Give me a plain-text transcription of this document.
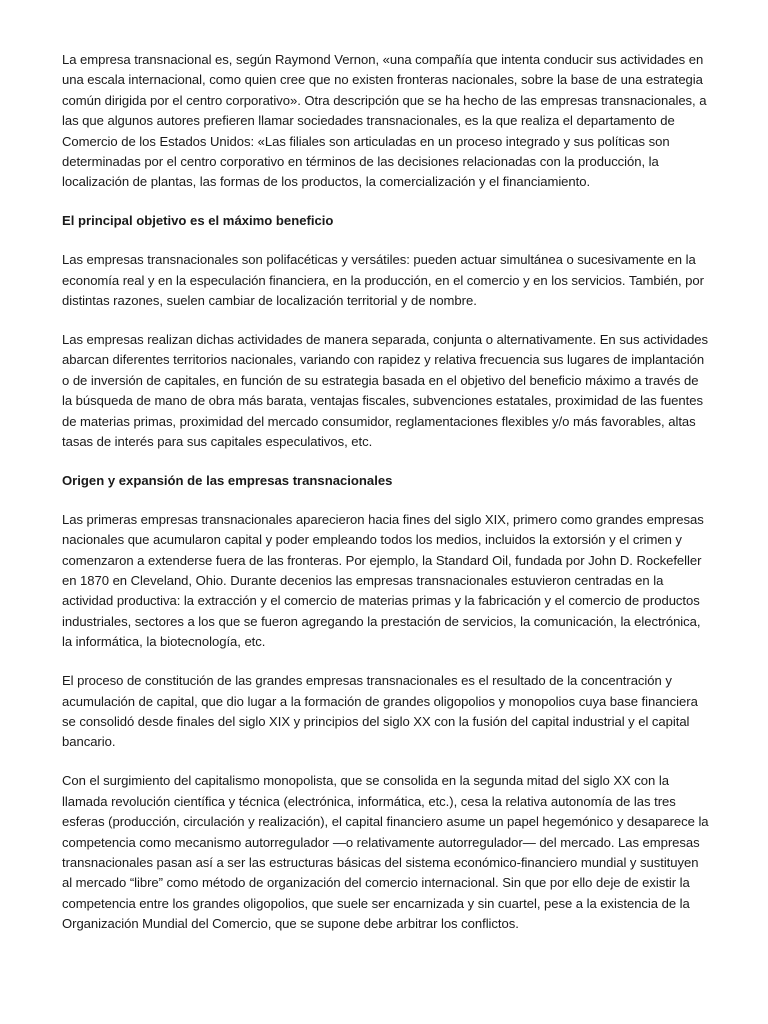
La empresa transnacional es, según Raymond Vernon, «una compañía que intenta conducir sus actividades en una escala internacional, como quien cree que no existen fronteras nacionales, sobre la base de una estrategia común dirigida por el centro corporativo». Otra descripción que se ha hecho de las empresas transnacionales, a las que algunos autores prefieren llamar sociedades transnacionales, es la que realiza el departamento de Comercio de los Estados Unidos: «Las filiales son articuladas en un proceso integrado y sus políticas son determinadas por el centro corporativo en términos de las decisiones relacionadas con la producción, la localización de plantas, las formas de los productos, la comercialización y el financiamiento.

El principal objetivo es el máximo beneficio

Las empresas transnacionales son polifacéticas y versátiles: pueden actuar simultánea o sucesivamente en la economía real y en la especulación financiera, en la producción, en el comercio y en los servicios. También, por distintas razones, suelen cambiar de localización territorial y de nombre.

Las empresas realizan dichas actividades de manera separada, conjunta o alternativamente. En sus actividades abarcan diferentes territorios nacionales, variando con rapidez y relativa frecuencia sus lugares de implantación o de inversión de capitales, en función de su estrategia basada en el objetivo del beneficio máximo a través de la búsqueda de mano de obra más barata, ventajas fiscales, subvenciones estatales, proximidad de las fuentes de materias primas, proximidad del mercado consumidor, reglamentaciones flexibles y/o más favorables, altas tasas de interés para sus capitales especulativos, etc.

Origen y expansión de las empresas transnacionales

Las primeras empresas transnacionales aparecieron hacia fines del siglo XIX, primero como grandes empresas nacionales que acumularon capital y poder empleando todos los medios, incluidos la extorsión y el crimen y comenzaron a extenderse fuera de las fronteras. Por ejemplo, la Standard Oil, fundada por John D. Rockefeller en 1870 en Cleveland, Ohio. Durante decenios las empresas transnacionales estuvieron centradas en la actividad productiva: la extracción y el comercio de materias primas y la fabricación y el comercio de productos industriales, sectores a los que se fueron agregando la prestación de servicios, la comunicación, la electrónica, la informática, la biotecnología, etc.

El proceso de constitución de las grandes empresas transnacionales es el resultado de la concentración y acumulación de capital, que dio lugar a la formación de grandes oligopolios y monopolios cuya base financiera se consolidó desde finales del siglo XIX y principios del siglo XX con la fusión del capital industrial y el capital bancario.

Con el surgimiento del capitalismo monopolista, que se consolida en la segunda mitad del siglo XX con la llamada revolución científica y técnica (electrónica, informática, etc.), cesa la relativa autonomía de las tres esferas (producción, circulación y realización), el capital financiero asume un papel hegemónico y desaparece la competencia como mecanismo autorregulador —o relativamente autorregulador— del mercado. Las empresas transnacionales pasan así a ser las estructuras básicas del sistema económico-financiero mundial y sustituyen al mercado “libre” como método de organización del comercio internacional. Sin que por ello deje de existir la competencia entre los grandes oligopolios, que suele ser encarnizada y sin cuartel, pese a la existencia de la Organización Mundial del Comercio, que se supone debe arbitrar los conflictos.
